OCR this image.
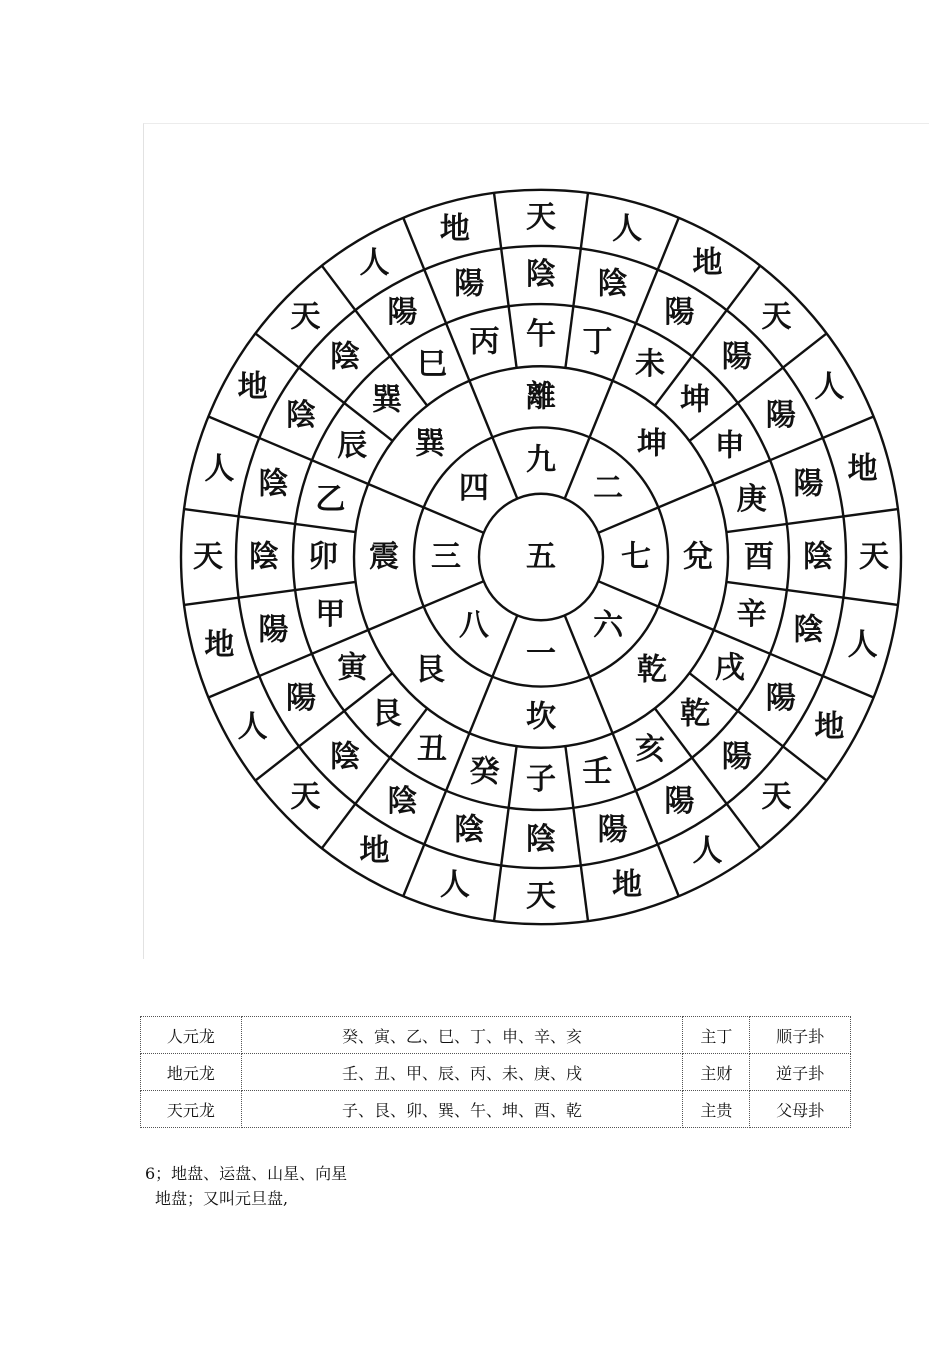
五
九
二
七
六
一
八
三
四
離
坤
兌
乾
坎
艮
震
巽
午 丁
未
坤
申
庚
酉
辛
戌
乾
亥
壬
子
癸
丑
艮
寅
甲
卯
乙
辰
巽
巳
丙
陰 陰
陽
陽
陽
陽
陰
陰
陽
陽
陽
陽
陰
陰
陰
陰
陽
陽
陰
陰
陰
陰
陽
陽
天 人
地
天
人
地
天
人
地
天
人
地
天
人
地
天
人
地
天
人
地
天
人
地
人元龙	癸、寅、乙、巳、丁、申、辛、亥	主丁	顺子卦
地元龙	壬、丑、甲、辰、丙、未、庚、戌	主财	逆子卦
天元龙	子、艮、卯、巽、午、坤、酉、乾	主贵	父母卦
6；地盘、运盘、山星、向星
地盘；又叫元旦盘,
